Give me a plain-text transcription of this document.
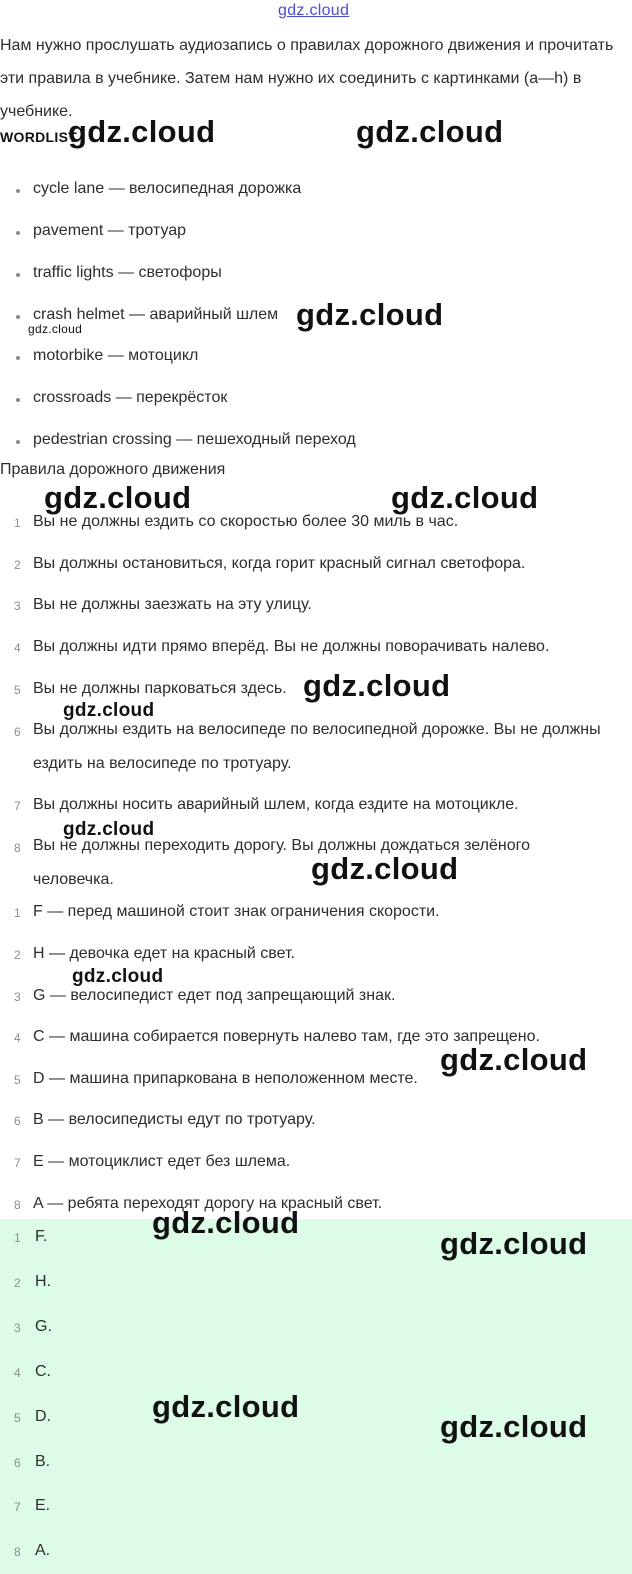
gdz.cloud
Нам нужно прослушать аудиозапись о правилах дорожного движения и прочитать эти правила в учебнике. Затем нам нужно их соединить с картинками (a—h) в учебнике.
WORDLIST
cycle lane — велосипедная дорожка
pavement — тротуар
traffic lights — светофоры
crash helmet — аварийный шлем
motorbike — мотоцикл
crossroads — перекрёсток
pedestrian crossing — пешеходный переход
Правила дорожного движения
1 Вы не должны ездить со скоростью более 30 миль в час.
2 Вы должны остановиться, когда горит красный сигнал светофора.
3 Вы не должны заезжать на эту улицу.
4 Вы должны идти прямо вперёд. Вы не должны поворачивать налево.
5 Вы не должны парковаться здесь.
6 Вы должны ездить на велосипеде по велосипедной дорожке. Вы не должны ездить на велосипеде по тротуару.
7 Вы должны носить аварийный шлем, когда ездите на мотоцикле.
8 Вы не должны переходить дорогу. Вы должны дождаться зелёного человечка.
1 F — перед машиной стоит знак ограничения скорости.
2 H — девочка едет на красный свет.
3 G — велосипедист едет под запрещающий знак.
4 C — машина собирается повернуть налево там, где это запрещено.
5 D — машина припаркована в неположенном месте.
6 B — велосипедисты едут по тротуару.
7 E — мотоциклист едет без шлема.
8 A — ребята переходят дорогу на красный свет.
1 F.
2 H.
3 G.
4 C.
5 D.
6 B.
7 E.
8 A.
gdz.cloud	gdz.cloud
gdz.cloud
gdz.cloud
gdz.cloud	gdz.cloud
gdz.cloud
gdz.cloud
gdz.cloud
gdz.cloud
gdz.cloud
gdz.cloud
gdz.cloud
gdz.cloud
gdz.cloud
gdz.cloud
